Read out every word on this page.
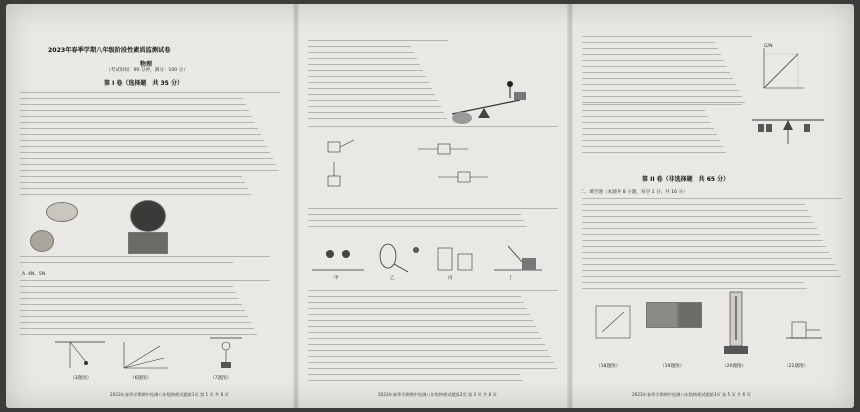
2023年春季学期八年级阶段性素质监测试卷
物理
（考试时间：90 分钟，满分：100 分）
第 I 卷（选择题　共 35 分）
A. 4N、5N
（3题图）	（6题图）	（7题图）
2023年春季学期期中检测八年级物理试题第1页 第 1 页 共 6 页
甲	乙	丙	丁
2023年春季学期期中检测八年级物理试题第2页 第 3 页 共 6 页
G/N
第 II 卷（非选择题　共 65 分）
二、填空题（本题共 8 小题，每空 1 分，共 16 分）
（18题图）	（19题图）	（20题图）	（22题图）
2023年春季学期期中检测八年级物理试题第3页 第 5 页 共 6 页
